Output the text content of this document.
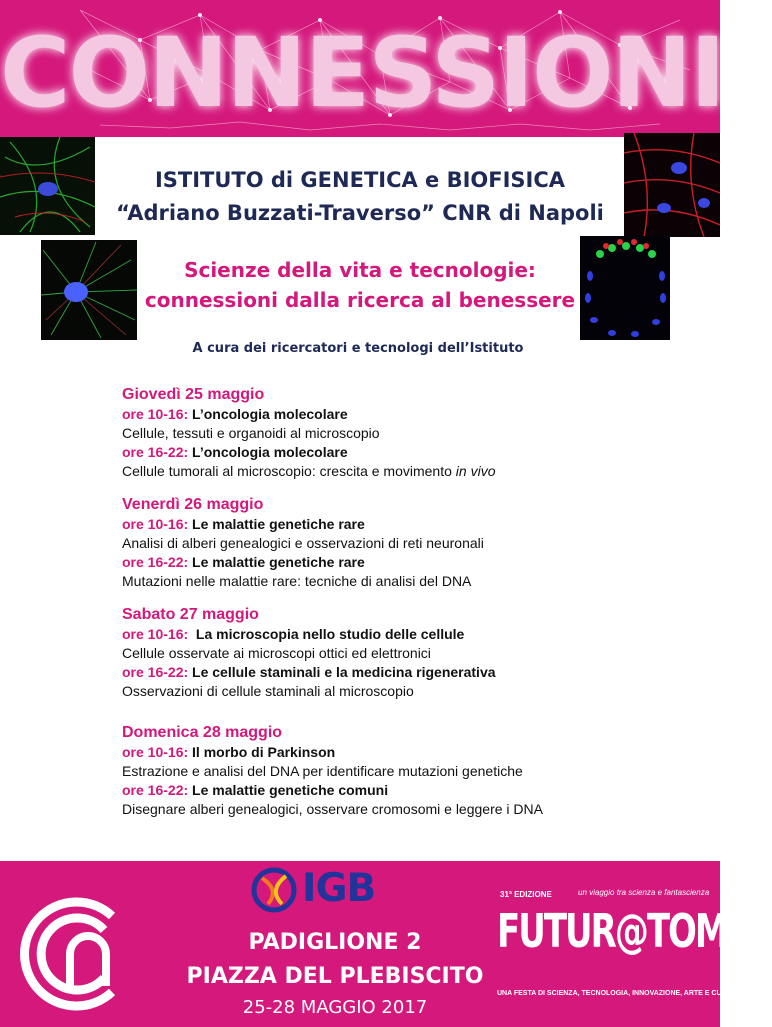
CONNESSIONI
ISTITUTO di GENETICA e BIOFISICA
“Adriano Buzzati-Traverso” CNR di Napoli
Scienze della vita e tecnologie:
connessioni dalla ricerca al benessere
A cura dei ricercatori e tecnologi dell’Istituto
Giovedì 25 maggio
ore 10-16: L’oncologia molecolare
Cellule, tessuti e organoidi al microscopio
ore 16-22: L’oncologia molecolare
Cellule tumorali al microscopio: crescita e movimento in vivo
Venerdì 26 maggio
ore 10-16: Le malattie genetiche rare
Analisi di alberi genealogici e osservazioni di reti neuronali
ore 16-22: Le malattie genetiche rare
Mutazioni nelle malattie rare: tecniche di analisi del DNA
Sabato 27 maggio
ore 10-16:  La microscopia nello studio delle cellule
Cellule osservate ai microscopi ottici ed elettronici
ore 16-22: Le cellule staminali e la medicina rigenerativa
Osservazioni di cellule staminali al microscopio
Domenica 28 maggio
ore 10-16: Il morbo di Parkinson
Estrazione e analisi del DNA per identificare mutazioni genetiche
ore 16-22: Le malattie genetiche comuni
Disegnare alberi genealogici, osservare cromosomi e leggere i DNA
IGB
PADIGLIONE 2
PIAZZA DEL PLEBISCITO
25-28 MAGGIO 2017
31ª EDIZIONE	un viaggio tra scienza e fantascienza
FUTUR@TOMER
UNA FESTA DI SCIENZA, TECNOLOGIA, INNOVAZIONE, ARTE E CULTURA
